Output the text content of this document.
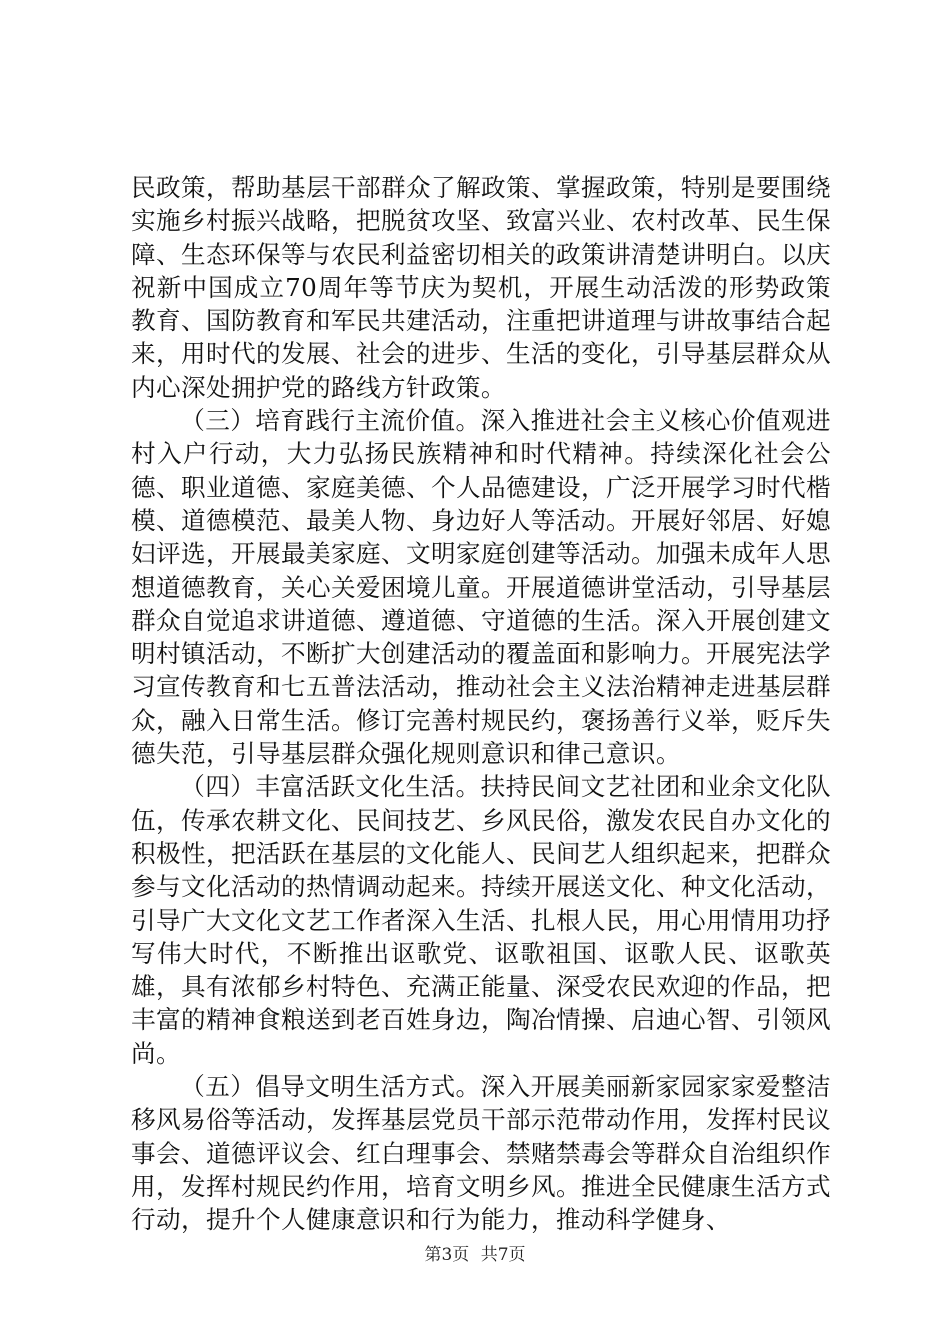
民政策，帮助基层干部群众了解政策、掌握政策，特别是要围绕实施乡村振兴战略，把脱贫攻坚、致富兴业、农村改革、民生保障、生态环保等与农民利益密切相关的政策讲清楚讲明白。以庆祝新中国成立70周年等节庆为契机，开展生动活泼的形势政策教育、国防教育和军民共建活动，注重把讲道理与讲故事结合起来，用时代的发展、社会的进步、生活的变化，引导基层群众从内心深处拥护党的路线方针政策。

（三）培育践行主流价值。深入推进社会主义核心价值观进村入户行动，大力弘扬民族精神和时代精神。持续深化社会公德、职业道德、家庭美德、个人品德建设，广泛开展学习时代楷模、道德模范、最美人物、身边好人等活动。开展好邻居、好媳妇评选，开展最美家庭、文明家庭创建等活动。加强未成年人思想道德教育，关心关爱困境儿童。开展道德讲堂活动，引导基层群众自觉追求讲道德、遵道德、守道德的生活。深入开展创建文明村镇活动，不断扩大创建活动的覆盖面和影响力。开展宪法学习宣传教育和七五普法活动，推动社会主义法治精神走进基层群众，融入日常生活。修订完善村规民约，褒扬善行义举，贬斥失德失范，引导基层群众强化规则意识和律己意识。

（四）丰富活跃文化生活。扶持民间文艺社团和业余文化队伍，传承农耕文化、民间技艺、乡风民俗，激发农民自办文化的积极性，把活跃在基层的文化能人、民间艺人组织起来，把群众参与文化活动的热情调动起来。持续开展送文化、种文化活动，引导广大文化文艺工作者深入生活、扎根人民，用心用情用功抒写伟大时代，不断推出讴歌党、讴歌祖国、讴歌人民、讴歌英雄，具有浓郁乡村特色、充满正能量、深受农民欢迎的作品，把丰富的精神食粮送到老百姓身边，陶冶情操、启迪心智、引领风尚。

（五）倡导文明生活方式。深入开展美丽新家园家家爱整洁移风易俗等活动，发挥基层党员干部示范带动作用，发挥村民议事会、道德评议会、红白理事会、禁赌禁毒会等群众自治组织作用，发挥村规民约作用，培育文明乡风。推进全民健康生活方式行动，提升个人健康意识和行为能力，推动科学健身、

第3页 共7页
